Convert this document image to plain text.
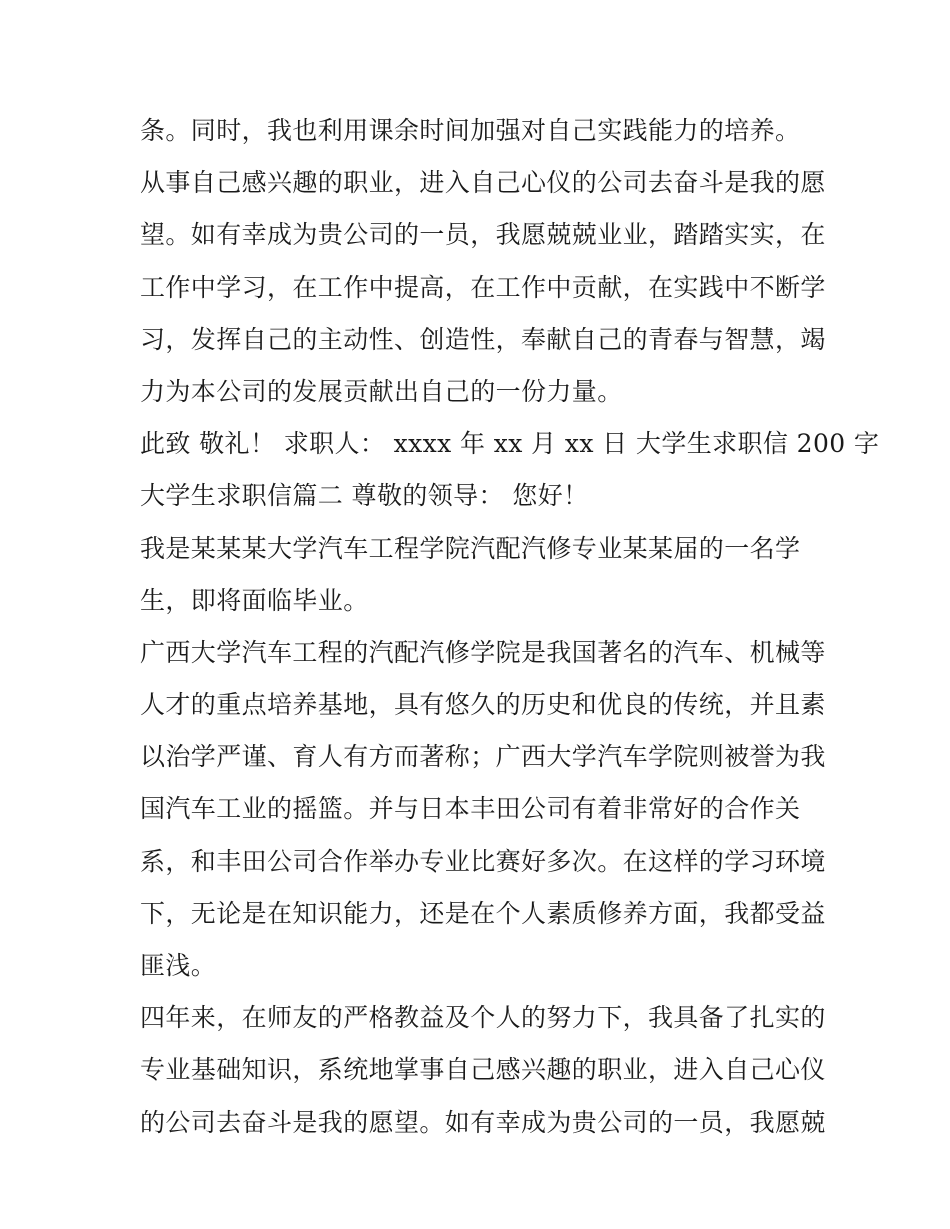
条。同时，我也利用课余时间加强对自己实践能力的培养。
从事自己感兴趣的职业，进入自己心仪的公司去奋斗是我的愿
望。如有幸成为贵公司的一员，我愿兢兢业业，踏踏实实，在
工作中学习，在工作中提高，在工作中贡献，在实践中不断学
习，发挥自己的主动性、创造性，奉献自己的青春与智慧，竭
力为本公司的发展贡献出自己的一份力量。
此致 敬礼！ 求职人： xxxx 年 xx 月 xx 日 大学生求职信 200 字
大学生求职信篇二 尊敬的领导： 您好！
我是某某某大学汽车工程学院汽配汽修专业某某届的一名学
生，即将面临毕业。
广西大学汽车工程的汽配汽修学院是我国著名的汽车、机械等
人才的重点培养基地，具有悠久的历史和优良的传统，并且素
以治学严谨、育人有方而著称；广西大学汽车学院则被誉为我
国汽车工业的摇篮。并与日本丰田公司有着非常好的合作关
系，和丰田公司合作举办专业比赛好多次。在这样的学习环境
下，无论是在知识能力，还是在个人素质修养方面，我都受益
匪浅。
四年来，在师友的严格教益及个人的努力下，我具备了扎实的
专业基础知识，系统地掌事自己感兴趣的职业，进入自己心仪
的公司去奋斗是我的愿望。如有幸成为贵公司的一员，我愿兢
